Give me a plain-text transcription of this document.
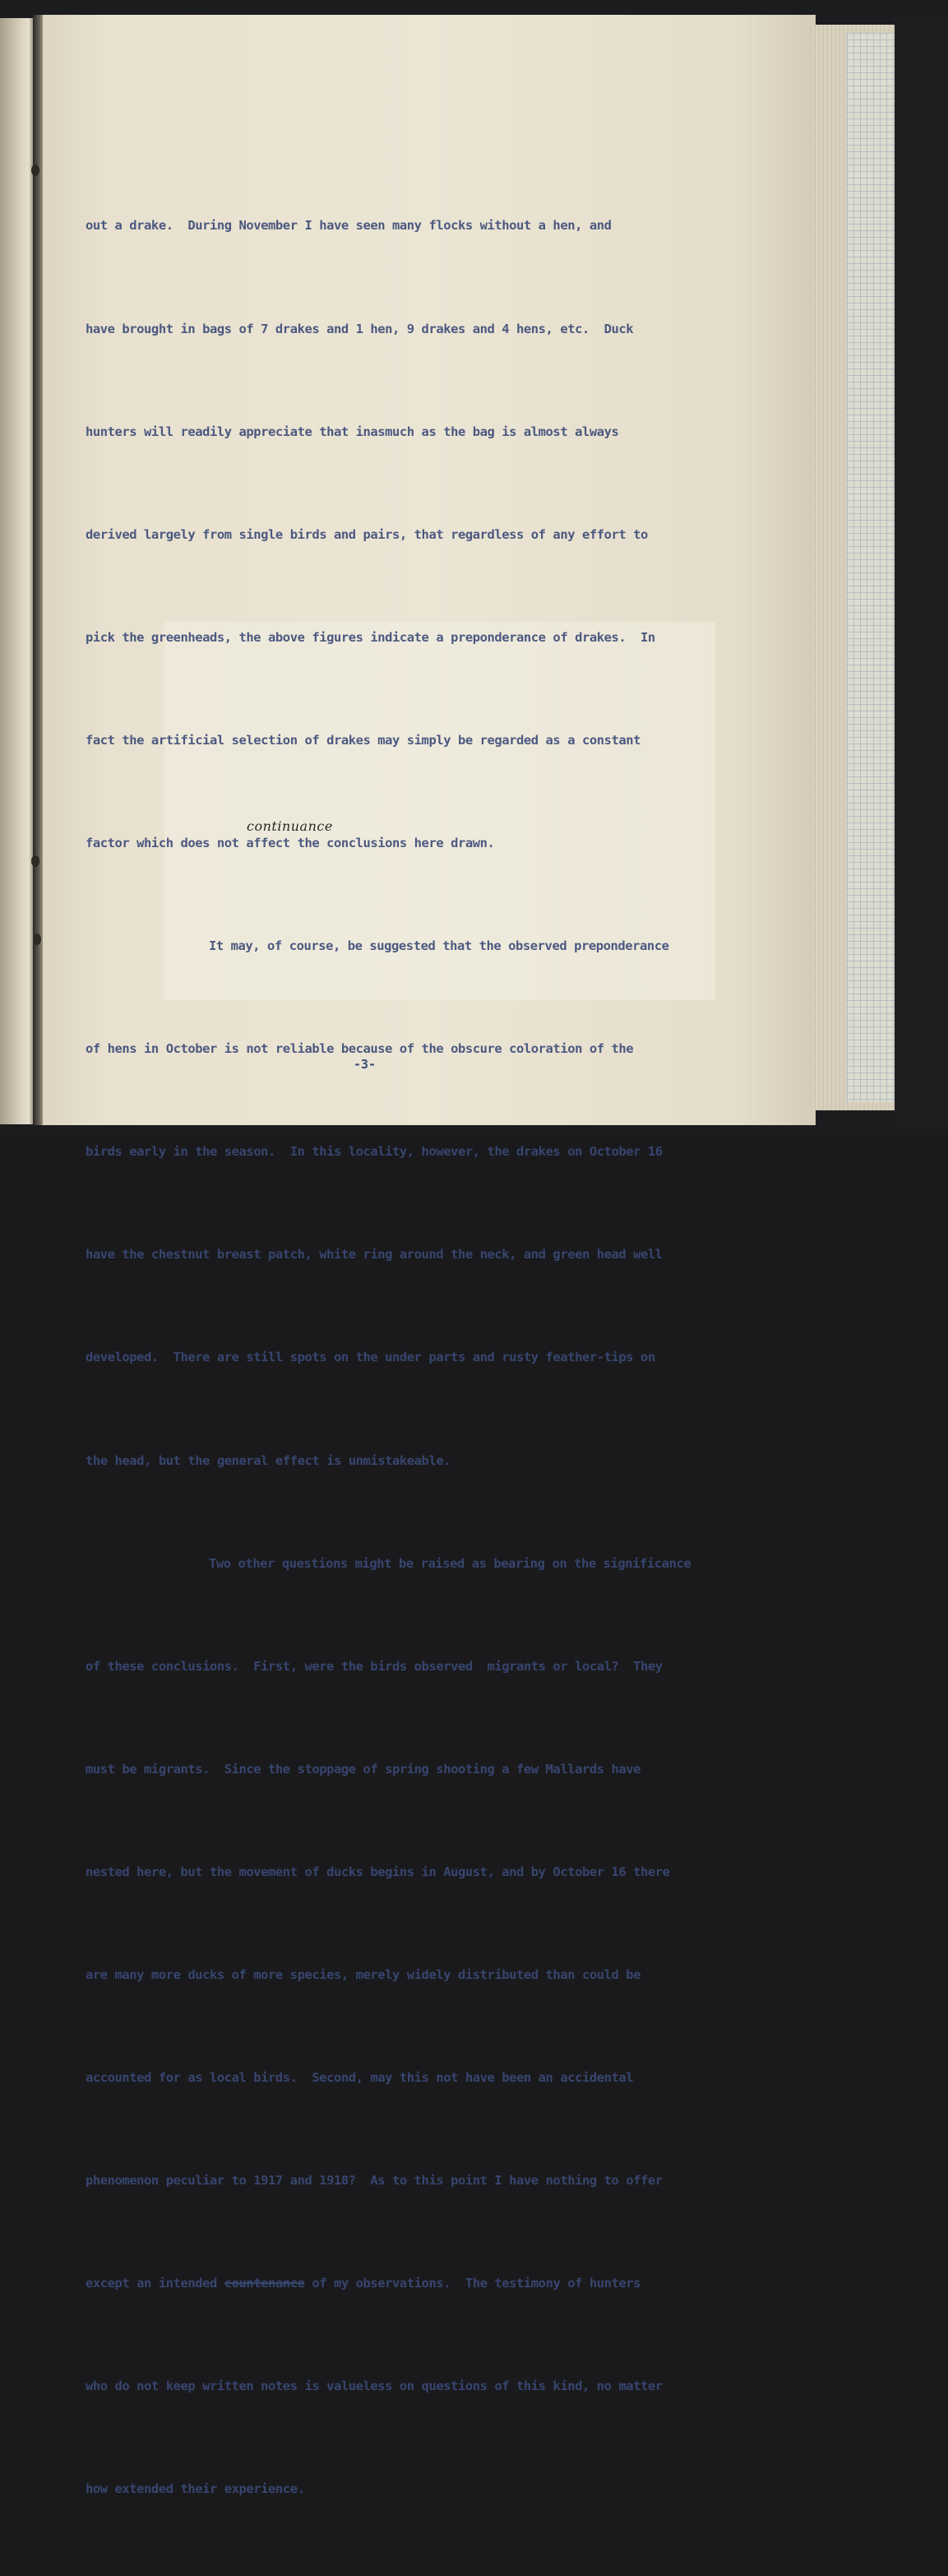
out a drake.  During November I have seen many flocks without a hen, and

have brought in bags of 7 drakes and 1 hen, 9 drakes and 4 hens, etc.  Duck

hunters will readily appreciate that inasmuch as the bag is almost always

derived largely from single birds and pairs, that regardless of any effort to

pick the greenheads, the above figures indicate a preponderance of drakes.  In

fact the artificial selection of drakes may simply be regarded as a constant

factor which does not affect the conclusions here drawn.

It may, of course, be suggested that the observed preponderance

of hens in October is not reliable because of the obscure coloration of the

birds early in the season.  In this locality, however, the drakes on October 16

have the chestnut breast patch, white ring around the neck, and green head well

developed.  There are still spots on the under parts and rusty feather-tips on

the head, but the general effect is unmistakeable.

Two other questions might be raised as bearing on the significance

of these conclusions.  First, were the birds observed  migrants or local?  They

must be migrants.  Since the stoppage of spring shooting a few Mallards have

nested here, but the movement of ducks begins in August, and by October 16 there

are many more ducks of more species, merely widely distributed than could be

accounted for as local birds.  Second, may this not have been an accidental

phenomenon peculiar to 1917 and 1918?  As to this point I have nothing to offer

except an intended countenance of my observations.  The testimony of hunters

who do not keep written notes is valueless on questions of this kind, no matter

how extended their experience.

continuance
-3-
